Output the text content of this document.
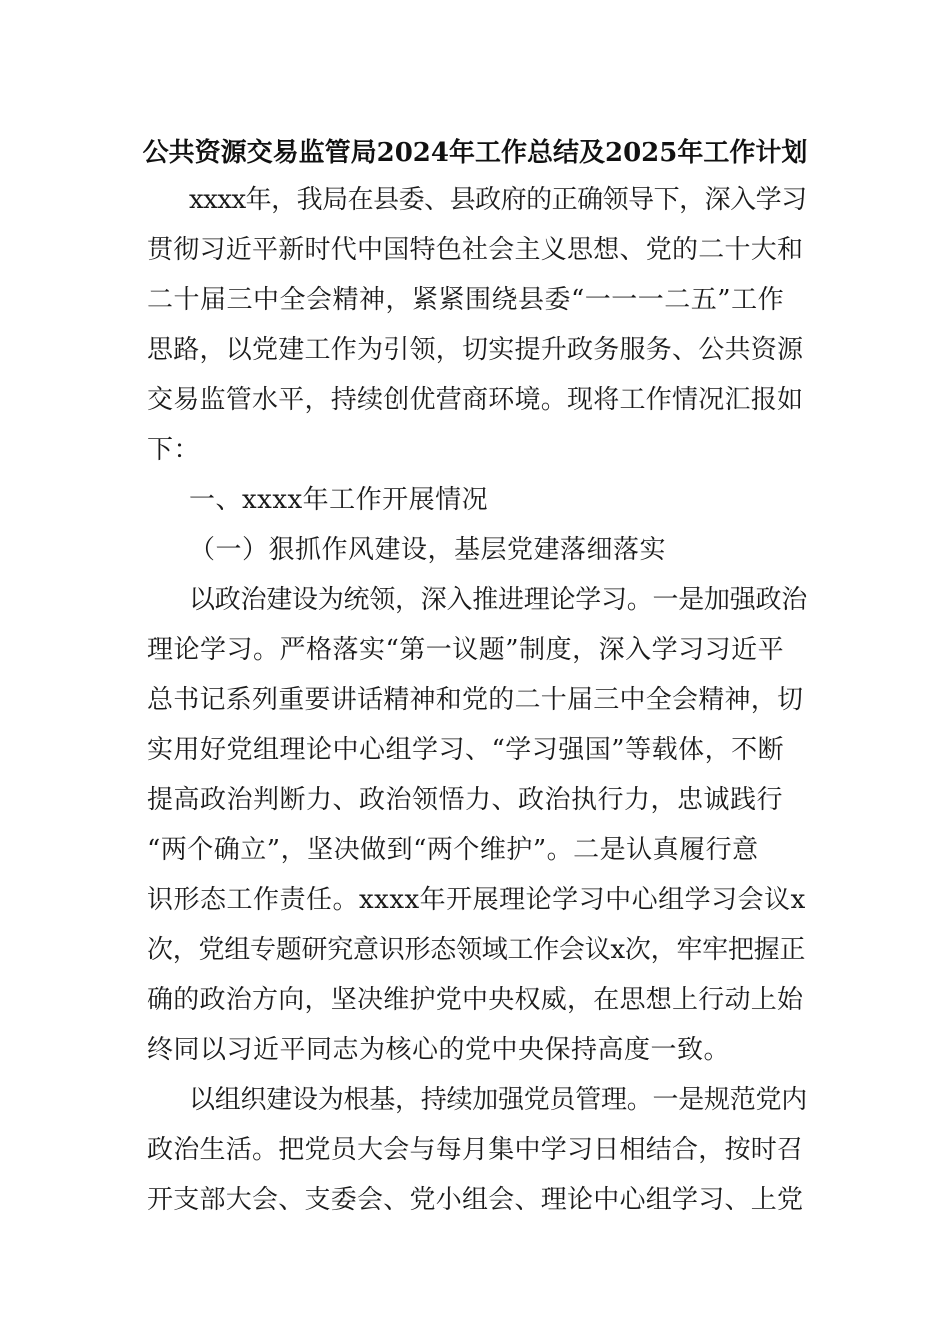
公共资源交易监管局2024年工作总结及2025年工作计划
xxxx年，我局在县委、县政府的正确领导下，深入学习
贯彻习近平新时代中国特色社会主义思想、党的二十大和
二十届三中全会精神，紧紧围绕县委“一一一二五”工作
思路，以党建工作为引领，切实提升政务服务、公共资源
交易监管水平，持续创优营商环境。现将工作情况汇报如
下：
一、xxxx年工作开展情况
（一）狠抓作风建设，基层党建落细落实
以政治建设为统领，深入推进理论学习。一是加强政治
理论学习。严格落实“第一议题”制度，深入学习习近平
总书记系列重要讲话精神和党的二十届三中全会精神，切
实用好党组理论中心组学习、“学习强国”等载体，不断
提高政治判断力、政治领悟力、政治执行力，忠诚践行
“两个确立”，坚决做到“两个维护”。二是认真履行意
识形态工作责任。xxxx年开展理论学习中心组学习会议x
次，党组专题研究意识形态领域工作会议x次，牢牢把握正
确的政治方向，坚决维护党中央权威，在思想上行动上始
终同以习近平同志为核心的党中央保持高度一致。
以组织建设为根基，持续加强党员管理。一是规范党内
政治生活。把党员大会与每月集中学习日相结合，按时召
开支部大会、支委会、党小组会、理论中心组学习、上党
